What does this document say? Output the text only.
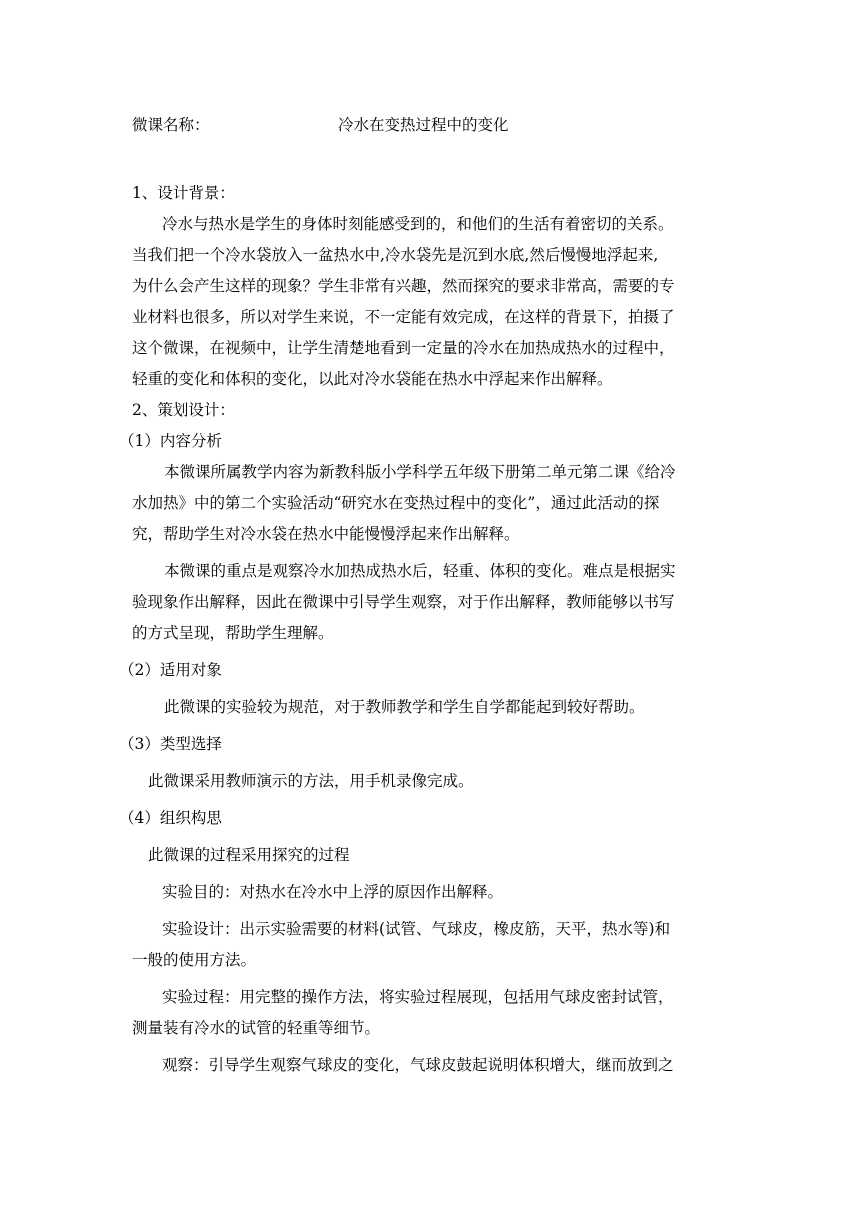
微课名称：	冷水在变热过程中的变化
1、设计背景：
冷水与热水是学生的身体时刻能感受到的，和他们的生活有着密切的关系。
当我们把一个冷水袋放入一盆热水中,冷水袋先是沉到水底,然后慢慢地浮起来,
为什么会产生这样的现象？学生非常有兴趣，然而探究的要求非常高，需要的专
业材料也很多，所以对学生来说，不一定能有效完成，在这样的背景下，拍摄了
这个微课，在视频中，让学生清楚地看到一定量的冷水在加热成热水的过程中，
轻重的变化和体积的变化，以此对冷水袋能在热水中浮起来作出解释。
2、策划设计：
（1）内容分析
本微课所属教学内容为新教科版小学科学五年级下册第二单元第二课《给冷
水加热》中的第二个实验活动“研究水在变热过程中的变化”，通过此活动的探
究，帮助学生对冷水袋在热水中能慢慢浮起来作出解释。
本微课的重点是观察冷水加热成热水后，轻重、体积的变化。难点是根据实
验现象作出解释，因此在微课中引导学生观察，对于作出解释，教师能够以书写
的方式呈现，帮助学生理解。
（2）适用对象
此微课的实验较为规范，对于教师教学和学生自学都能起到较好帮助。
（3）类型选择
此微课采用教师演示的方法，用手机录像完成。
（4）组织构思
此微课的过程采用探究的过程
实验目的：对热水在冷水中上浮的原因作出解释。
实验设计：出示实验需要的材料(试管、气球皮，橡皮筋，天平，热水等)和
一般的使用方法。
实验过程：用完整的操作方法，将实验过程展现，包括用气球皮密封试管，
测量装有冷水的试管的轻重等细节。
观察：引导学生观察气球皮的变化，气球皮鼓起说明体积增大，继而放到之
